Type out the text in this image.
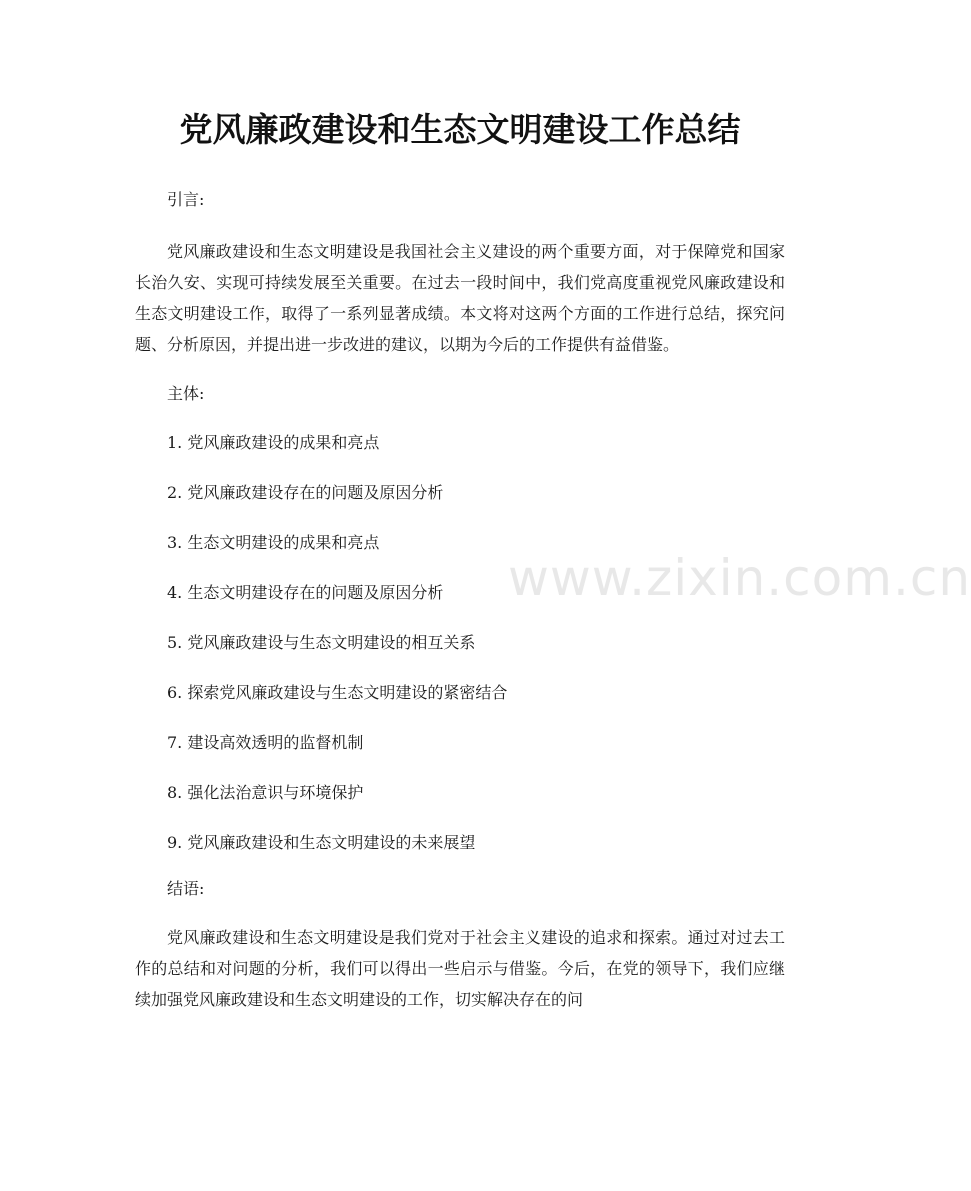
党风廉政建设和生态文明建设工作总结

引言:

党风廉政建设和生态文明建设是我国社会主义建设的两个重要方面，对于保障党和国家长治久安、实现可持续发展至关重要。在过去一段时间中，我们党高度重视党风廉政建设和生态文明建设工作，取得了一系列显著成绩。本文将对这两个方面的工作进行总结，探究问题、分析原因，并提出进一步改进的建议，以期为今后的工作提供有益借鉴。

主体:

1. 党风廉政建设的成果和亮点
2. 党风廉政建设存在的问题及原因分析
3. 生态文明建设的成果和亮点
4. 生态文明建设存在的问题及原因分析
5. 党风廉政建设与生态文明建设的相互关系
6. 探索党风廉政建设与生态文明建设的紧密结合
7. 建设高效透明的监督机制
8. 强化法治意识与环境保护
9. 党风廉政建设和生态文明建设的未来展望

结语:

党风廉政建设和生态文明建设是我们党对于社会主义建设的追求和探索。通过对过去工作的总结和对问题的分析，我们可以得出一些启示与借鉴。今后，在党的领导下，我们应继续加强党风廉政建设和生态文明建设的工作，切实解决存在的问

www.zixin.com.cn
